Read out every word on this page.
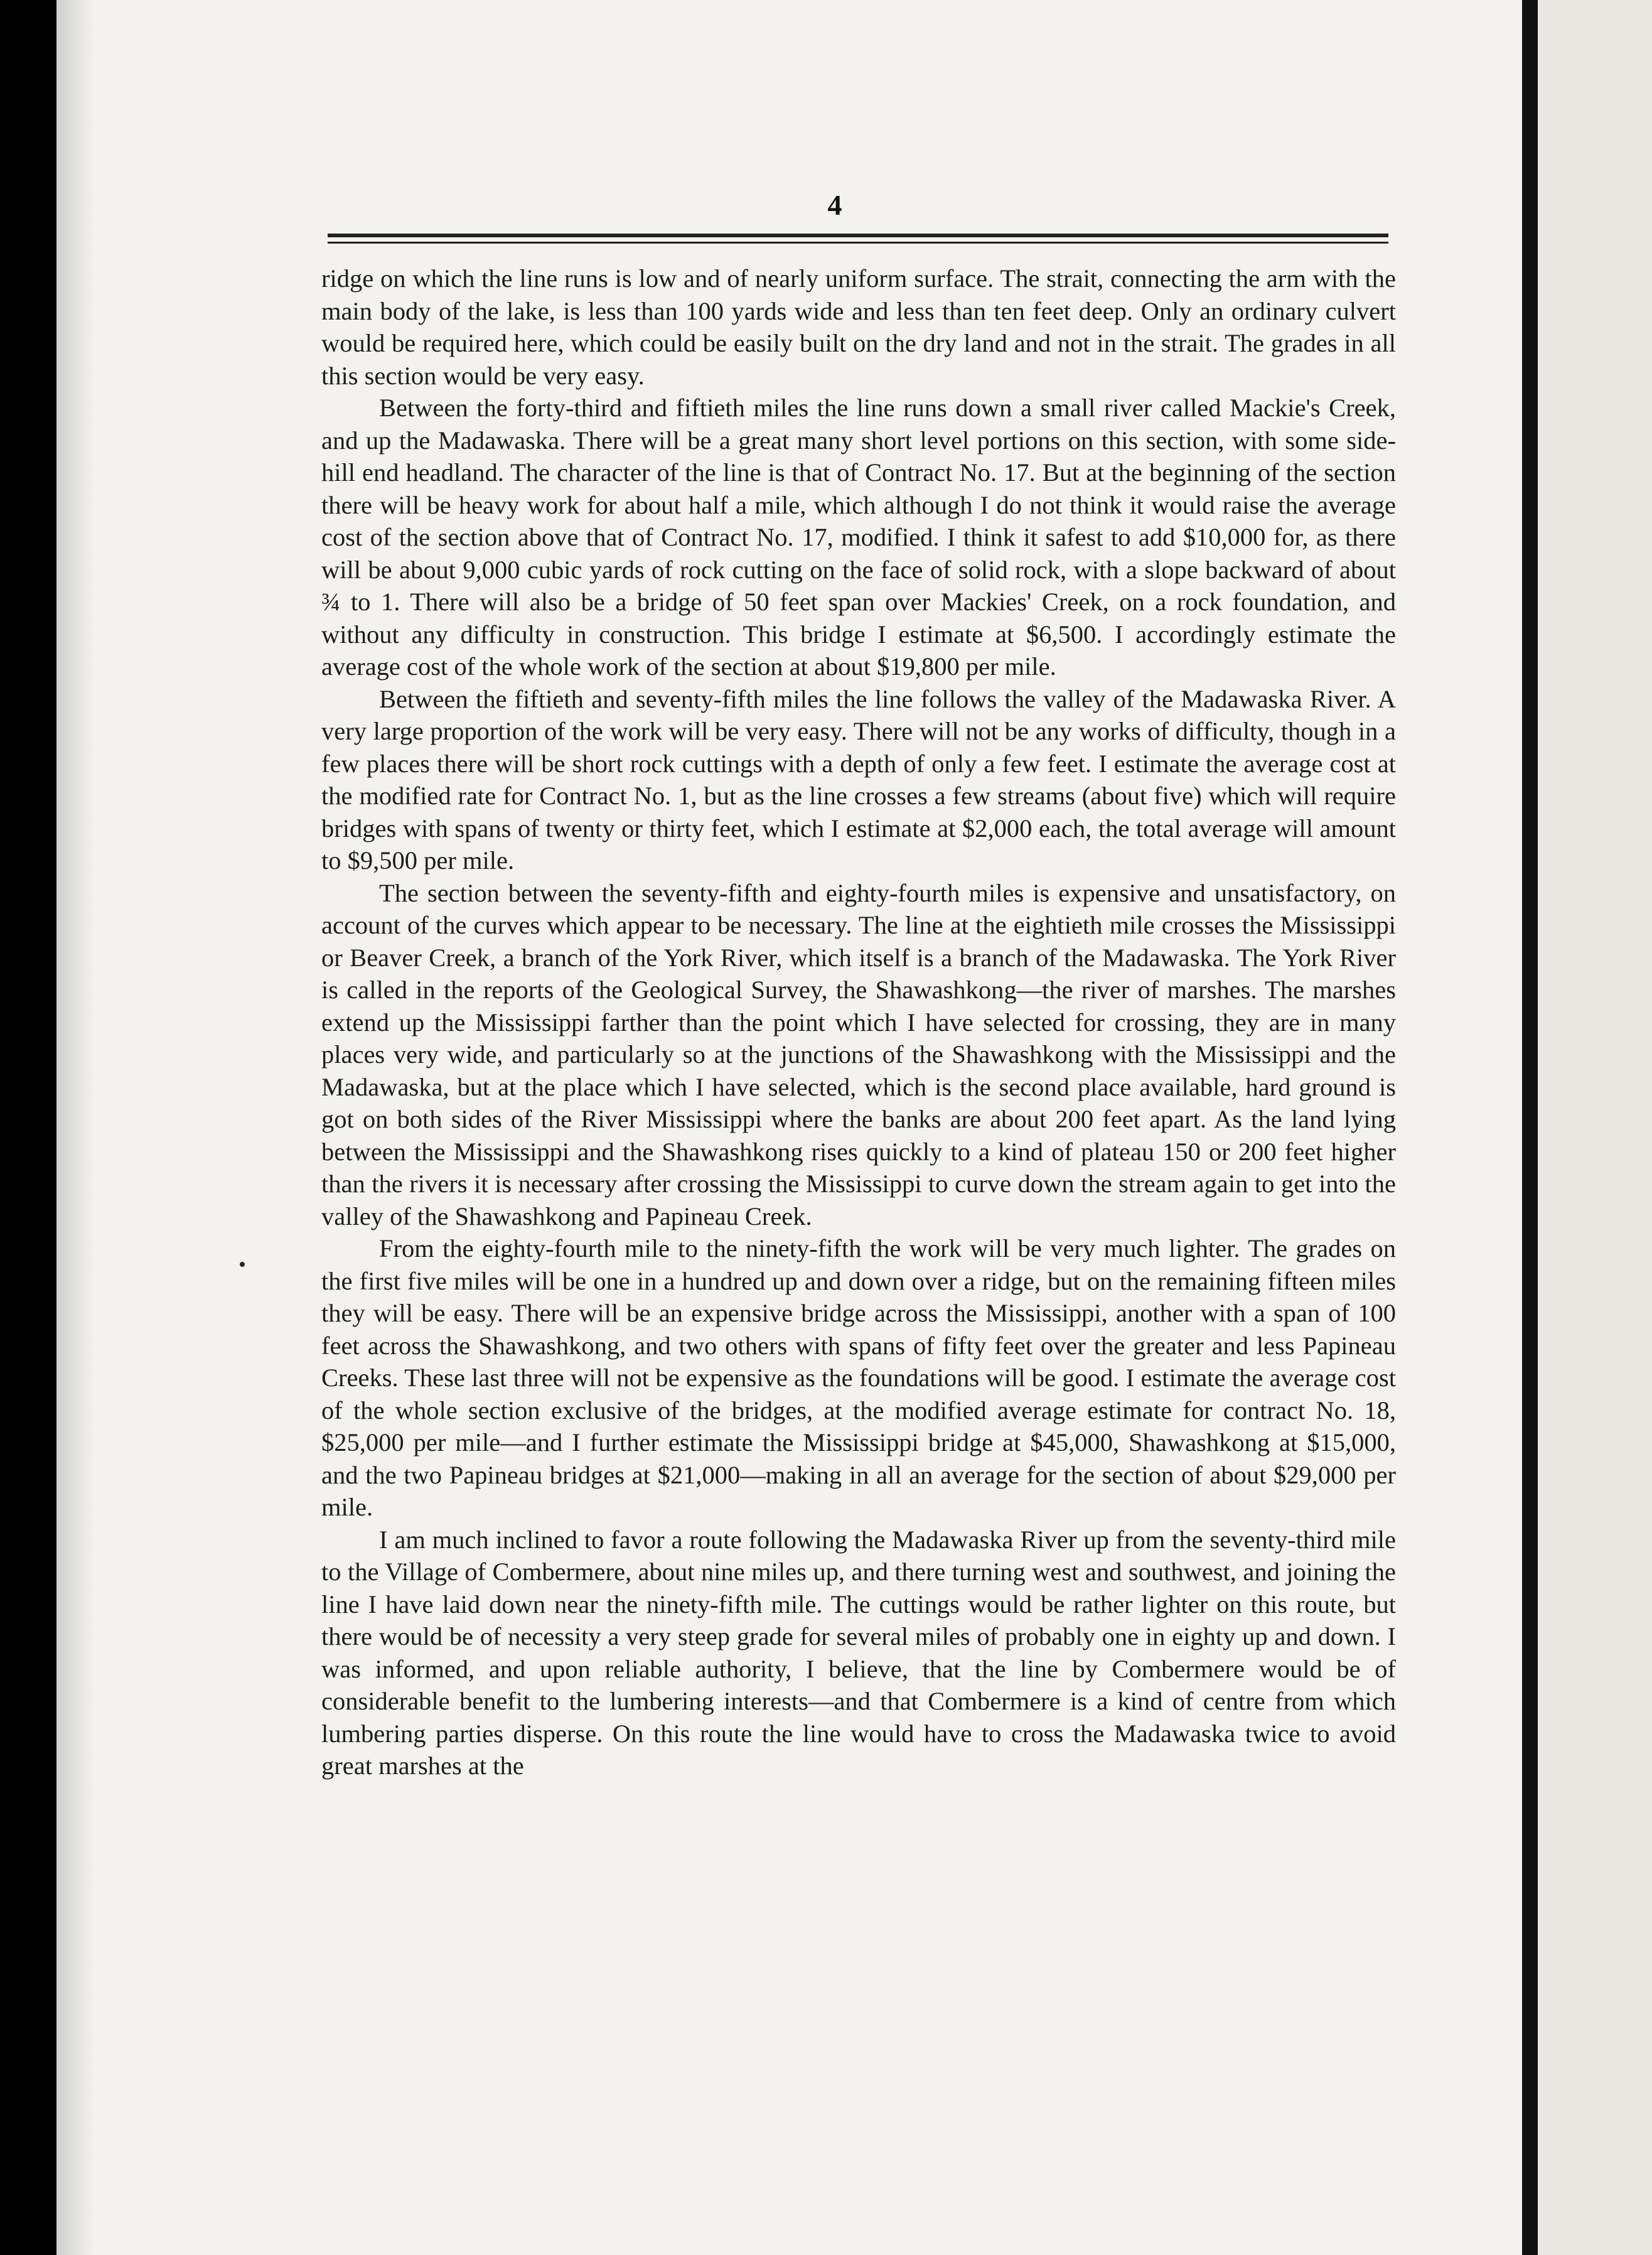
4

ridge on which the line runs is low and of nearly uniform surface. The strait, connecting the arm with the main body of the lake, is less than 100 yards wide and less than ten feet deep. Only an ordinary culvert would be required here, which could be easily built on the dry land and not in the strait. The grades in all this section would be very easy.

Between the forty-third and fiftieth miles the line runs down a small river called Mackie's Creek, and up the Madawaska. There will be a great many short level portions on this section, with some side-hill end headland. The character of the line is that of Contract No. 17. But at the beginning of the section there will be heavy work for about half a mile, which although I do not think it would raise the average cost of the section above that of Contract No. 17, modified. I think it safest to add $10,000 for, as there will be about 9,000 cubic yards of rock cutting on the face of solid rock, with a slope backward of about ¾ to 1. There will also be a bridge of 50 feet span over Mackies' Creek, on a rock foundation, and without any difficulty in construction. This bridge I estimate at $6,500. I accordingly estimate the average cost of the whole work of the section at about $19,800 per mile.

Between the fiftieth and seventy-fifth miles the line follows the valley of the Madawaska River. A very large proportion of the work will be very easy. There will not be any works of difficulty, though in a few places there will be short rock cuttings with a depth of only a few feet. I estimate the average cost at the modified rate for Contract No. 1, but as the line crosses a few streams (about five) which will require bridges with spans of twenty or thirty feet, which I estimate at $2,000 each, the total average will amount to $9,500 per mile.

The section between the seventy-fifth and eighty-fourth miles is expensive and unsatisfactory, on account of the curves which appear to be necessary. The line at the eightieth mile crosses the Mississippi or Beaver Creek, a branch of the York River, which itself is a branch of the Madawaska. The York River is called in the reports of the Geological Survey, the Shawashkong—the river of marshes. The marshes extend up the Mississippi farther than the point which I have selected for crossing, they are in many places very wide, and particularly so at the junctions of the Shawashkong with the Mississippi and the Madawaska, but at the place which I have selected, which is the second place available, hard ground is got on both sides of the River Mississippi where the banks are about 200 feet apart. As the land lying between the Mississippi and the Shawashkong rises quickly to a kind of plateau 150 or 200 feet higher than the rivers it is necessary after crossing the Mississippi to curve down the stream again to get into the valley of the Shawashkong and Papineau Creek.

From the eighty-fourth mile to the ninety-fifth the work will be very much lighter. The grades on the first five miles will be one in a hundred up and down over a ridge, but on the remaining fifteen miles they will be easy. There will be an expensive bridge across the Mississippi, another with a span of 100 feet across the Shawashkong, and two others with spans of fifty feet over the greater and less Papineau Creeks. These last three will not be expensive as the foundations will be good. I estimate the average cost of the whole section exclusive of the bridges, at the modified average estimate for contract No. 18, $25,000 per mile—and I further estimate the Mississippi bridge at $45,000, Shawashkong at $15,000, and the two Papineau bridges at $21,000—making in all an average for the section of about $29,000 per mile.

I am much inclined to favor a route following the Madawaska River up from the seventy-third mile to the Village of Combermere, about nine miles up, and there turning west and southwest, and joining the line I have laid down near the ninety-fifth mile. The cuttings would be rather lighter on this route, but there would be of necessity a very steep grade for several miles of probably one in eighty up and down. I was informed, and upon reliable authority, I believe, that the line by Combermere would be of considerable benefit to the lumbering interests—and that Combermere is a kind of centre from which lumbering parties disperse. On this route the line would have to cross the Madawaska twice to avoid great marshes at the
